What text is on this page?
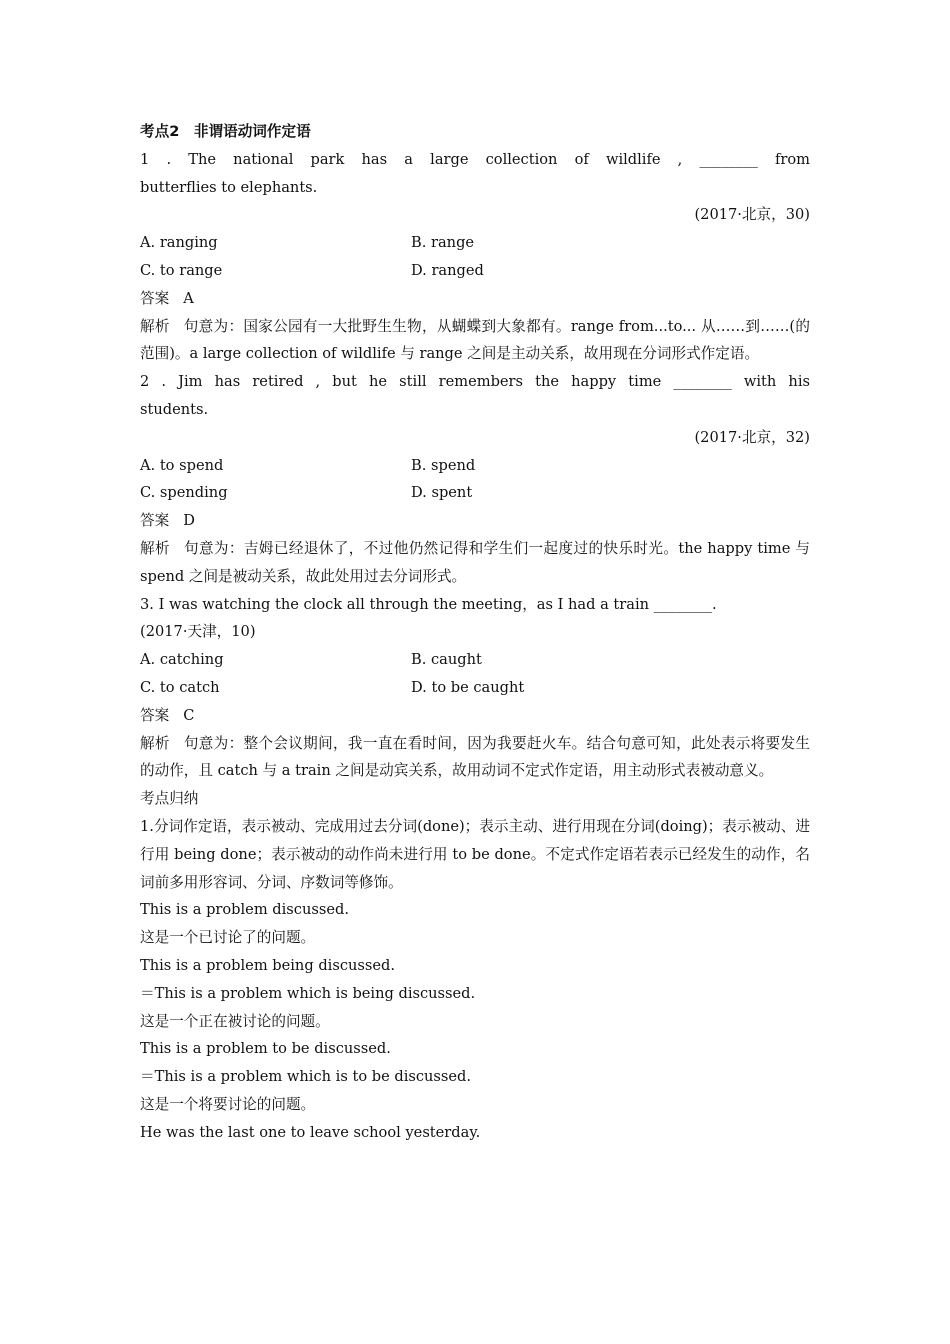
考点2　非谓语动词作定语
1 . The national park has a large collection of wildlife , ________ from
butterflies to elephants.
(2017·北京，30)
A. ranging	B. range
C. to range	D. ranged
答案 A
解析 句意为：国家公园有一大批野生生物，从蝴蝶到大象都有。range from...to... 从……到……(的范围)。a large collection of wildlife 与 range 之间是主动关系，故用现在分词形式作定语。
2 . Jim has retired , but he still remembers the happy time ________ with his
students.
(2017·北京，32)
A. to spend	B. spend
C. spending	D. spent
答案 D
解析 句意为：吉姆已经退休了，不过他仍然记得和学生们一起度过的快乐时光。the happy time 与 spend 之间是被动关系，故此处用过去分词形式。
3. I was watching the clock all through the meeting，as I had a train ________.
(2017·天津，10)
A. catching	B. caught
C. to catch	D. to be caught
答案 C
解析 句意为：整个会议期间，我一直在看时间，因为我要赶火车。结合句意可知，此处表示将要发生的动作，且 catch 与 a train 之间是动宾关系，故用动词不定式作定语，用主动形式表被动意义。
考点归纳
1.分词作定语，表示被动、完成用过去分词(done)；表示主动、进行用现在分词(doing)；表示被动、进行用 being done；表示被动的动作尚未进行用 to be done。不定式作定语若表示已经发生的动作，名词前多用形容词、分词、序数词等修饰。
This is a problem discussed.
这是一个已讨论了的问题。
This is a problem being discussed.
＝This is a problem which is being discussed.
这是一个正在被讨论的问题。
This is a problem to be discussed.
＝This is a problem which is to be discussed.
这是一个将要讨论的问题。
He was the last one to leave school yesterday.
